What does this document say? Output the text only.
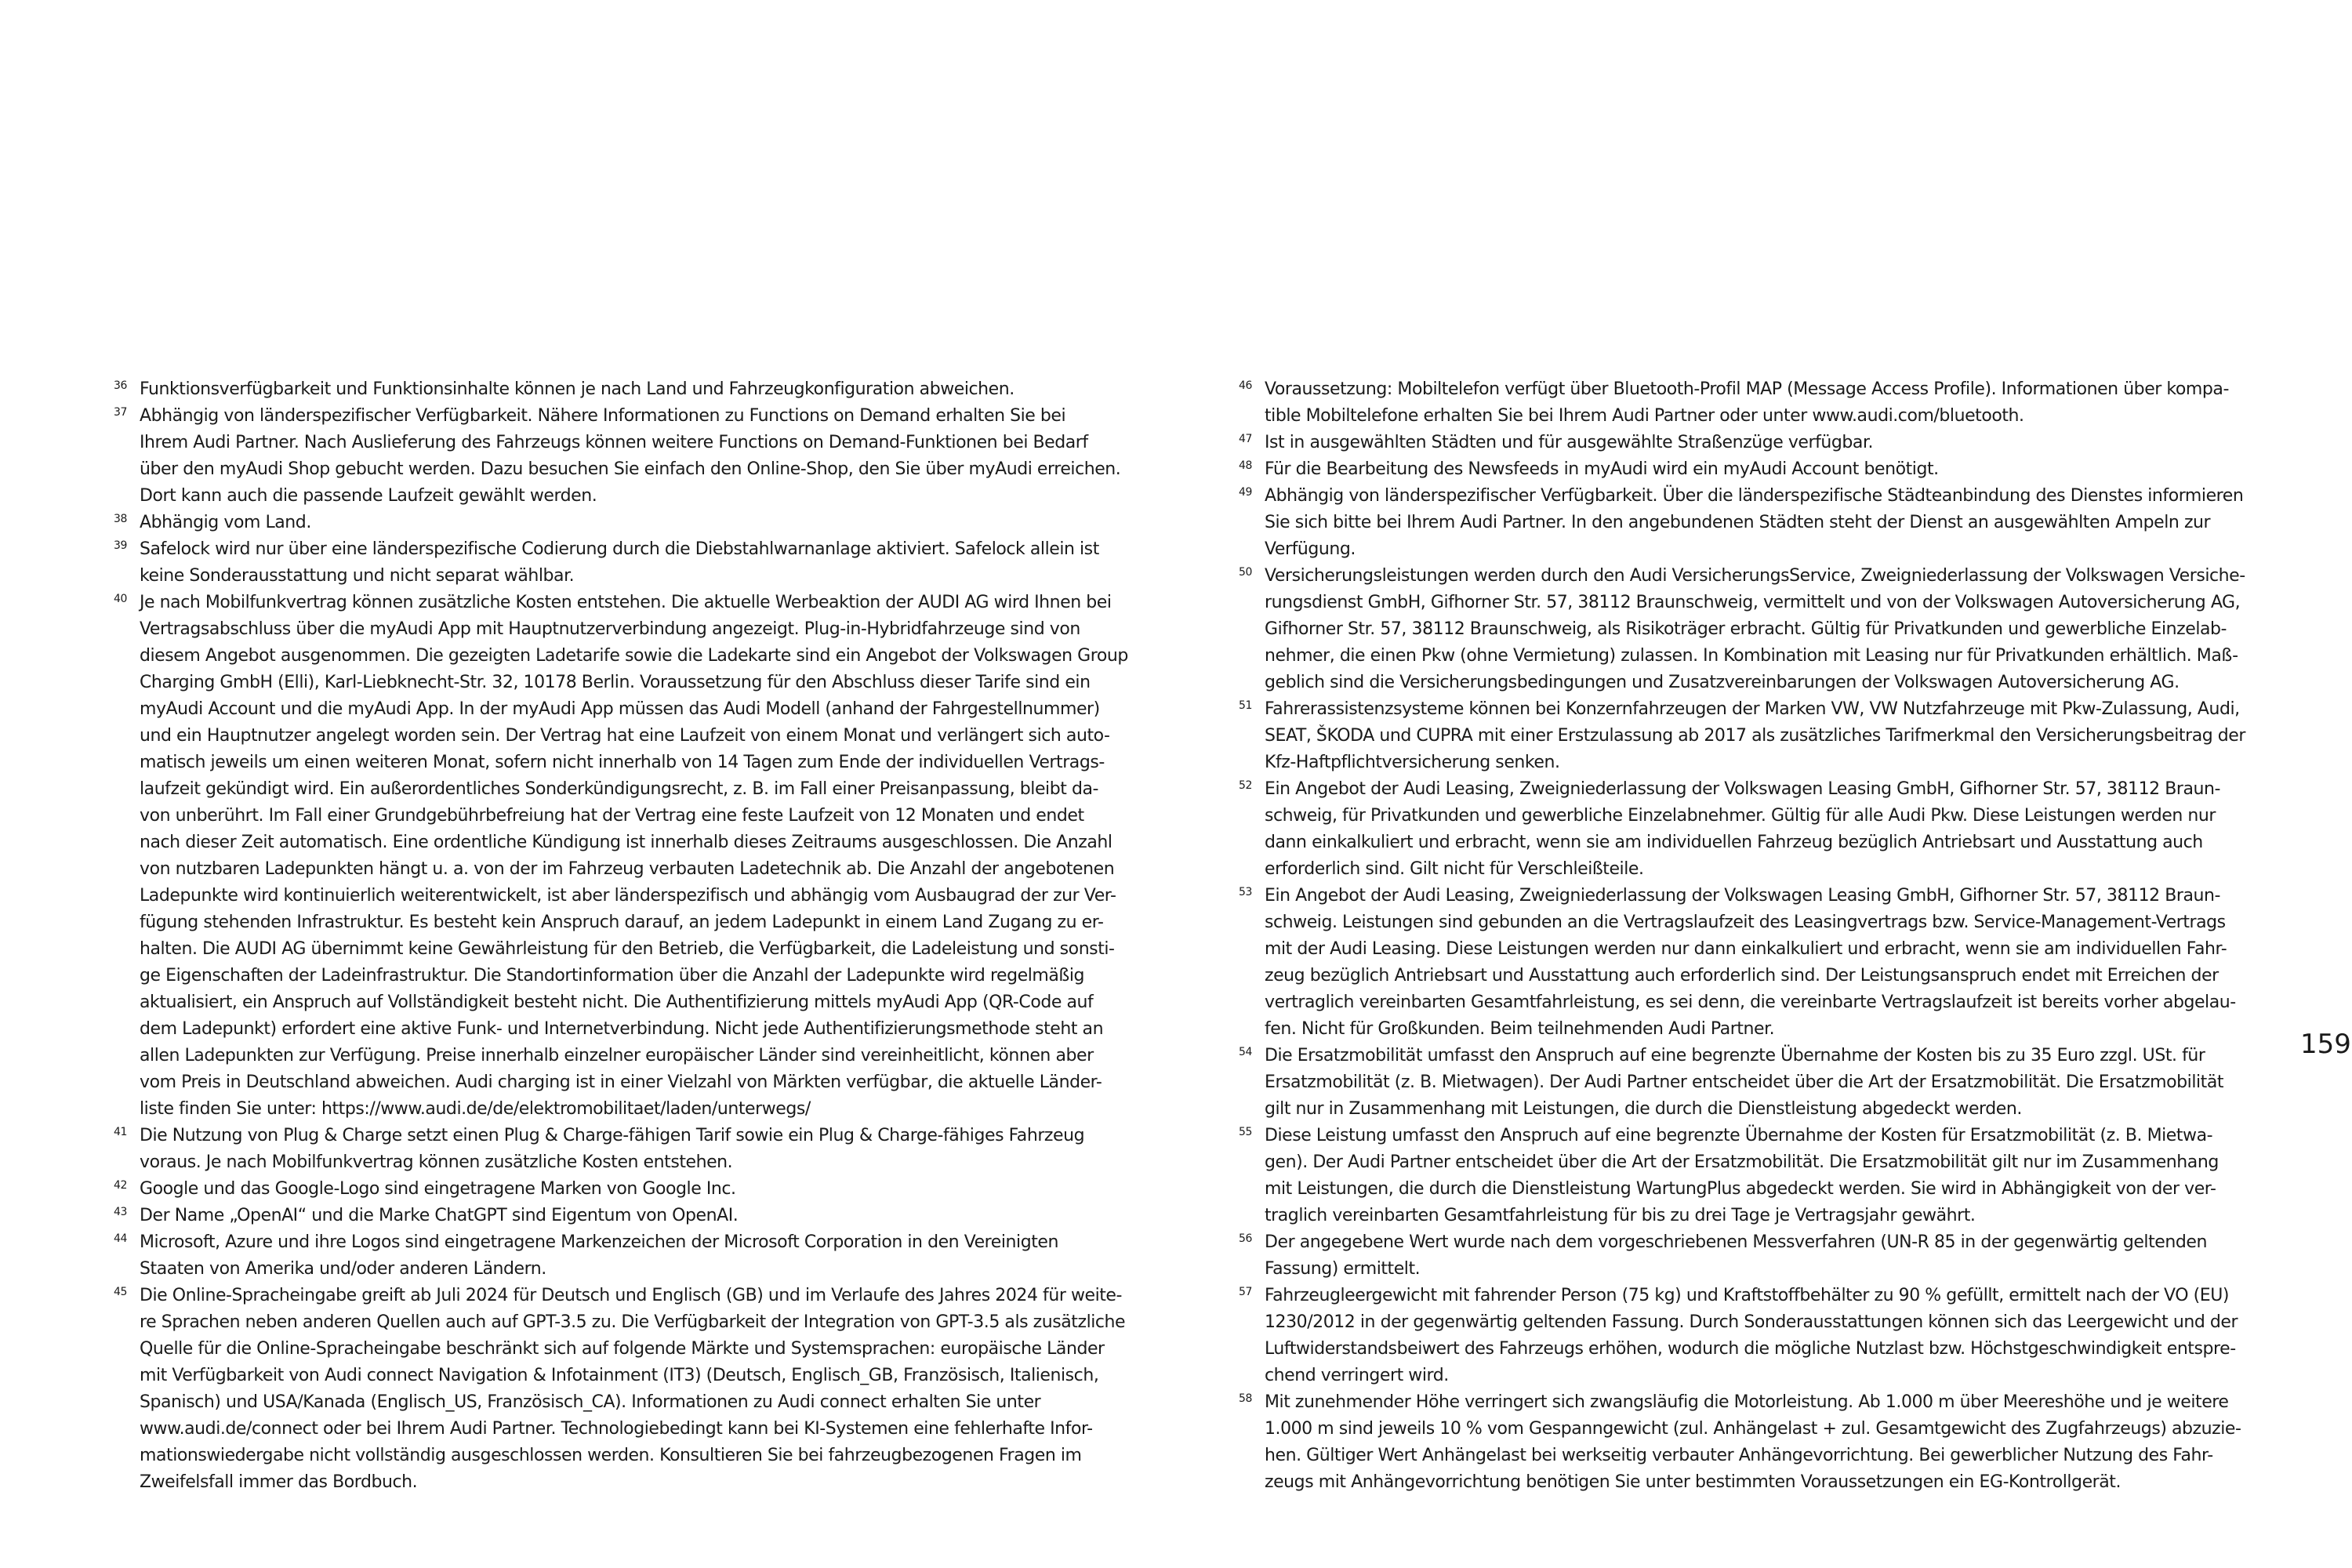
36 Funktionsverfügbarkeit und Funktionsinhalte können je nach Land und Fahrzeugkonfiguration abweichen.
37 Abhängig von länderspezifischer Verfügbarkeit. Nähere Informationen zu Functions on Demand erhalten Sie bei
Ihrem Audi Partner. Nach Auslieferung des Fahrzeugs können weitere Functions on Demand-Funktionen bei Bedarf
über den myAudi Shop gebucht werden. Dazu besuchen Sie einfach den Online-Shop, den Sie über myAudi erreichen.
Dort kann auch die passende Laufzeit gewählt werden.
38 Abhängig vom Land.
39 Safelock wird nur über eine länderspezifische Codierung durch die Diebstahlwarnanlage aktiviert. Safelock allein ist
keine Sonderausstattung und nicht separat wählbar.
40 Je nach Mobilfunkvertrag können zusätzliche Kosten entstehen. Die aktuelle Werbeaktion der AUDI AG wird Ihnen bei
Vertragsabschluss über die myAudi App mit Hauptnutzerverbindung angezeigt. Plug-in-Hybridfahrzeuge sind von
diesem Angebot ausgenommen. Die gezeigten Ladetarife sowie die Ladekarte sind ein Angebot der Volkswagen Group
Charging GmbH (Elli), Karl-Liebknecht-Str. 32, 10178 Berlin. Voraussetzung für den Abschluss dieser Tarife sind ein
myAudi Account und die myAudi App. In der myAudi App müssen das Audi Modell (anhand der Fahrgestellnummer)
und ein Hauptnutzer angelegt worden sein. Der Vertrag hat eine Laufzeit von einem Monat und verlängert sich auto-
matisch jeweils um einen weiteren Monat, sofern nicht innerhalb von 14 Tagen zum Ende der individuellen Vertrags-
laufzeit gekündigt wird. Ein außerordentliches Sonderkündigungsrecht, z. B. im Fall einer Preisanpassung, bleibt da-
von unberührt. Im Fall einer Grundgebührbefreiung hat der Vertrag eine feste Laufzeit von 12 Monaten und endet
nach dieser Zeit automatisch. Eine ordentliche Kündigung ist innerhalb dieses Zeitraums ausgeschlossen. Die Anzahl
von nutzbaren Ladepunkten hängt u. a. von der im Fahrzeug verbauten Ladetechnik ab. Die Anzahl der angebotenen
Ladepunkte wird kontinuierlich weiterentwickelt, ist aber länderspezifisch und abhängig vom Ausbaugrad der zur Ver-
fügung stehenden Infrastruktur. Es besteht kein Anspruch darauf, an jedem Ladepunkt in einem Land Zugang zu er-
halten. Die AUDI AG übernimmt keine Gewährleistung für den Betrieb, die Verfügbarkeit, die Ladeleistung und sonsti-
ge Eigenschaften der Ladeinfrastruktur. Die Standortinformation über die Anzahl der Ladepunkte wird regelmäßig
aktualisiert, ein Anspruch auf Vollständigkeit besteht nicht. Die Authentifizierung mittels myAudi App (QR-Code auf
dem Ladepunkt) erfordert eine aktive Funk- und Internetverbindung. Nicht jede Authentifizierungsmethode steht an
allen Ladepunkten zur Verfügung. Preise innerhalb einzelner europäischer Länder sind vereinheitlicht, können aber
vom Preis in Deutschland abweichen. Audi charging ist in einer Vielzahl von Märkten verfügbar, die aktuelle Länder-
liste finden Sie unter: https://www.audi.de/de/elektromobilitaet/laden/unterwegs/
41 Die Nutzung von Plug & Charge setzt einen Plug & Charge-fähigen Tarif sowie ein Plug & Charge-fähiges Fahrzeug
voraus. Je nach Mobilfunkvertrag können zusätzliche Kosten entstehen.
42 Google und das Google-Logo sind eingetragene Marken von Google Inc.
43 Der Name „OpenAI“ und die Marke ChatGPT sind Eigentum von OpenAI.
44 Microsoft, Azure und ihre Logos sind eingetragene Markenzeichen der Microsoft Corporation in den Vereinigten
Staaten von Amerika und/oder anderen Ländern.
45 Die Online-Spracheingabe greift ab Juli 2024 für Deutsch und Englisch (GB) und im Verlaufe des Jahres 2024 für weite-
re Sprachen neben anderen Quellen auch auf GPT-3.5 zu. Die Verfügbarkeit der Integration von GPT-3.5 als zusätzliche
Quelle für die Online-Spracheingabe beschränkt sich auf folgende Märkte und Systemsprachen: europäische Länder
mit Verfügbarkeit von Audi connect Navigation & Infotainment (IT3) (Deutsch, Englisch_GB, Französisch, Italienisch,
Spanisch) und USA/Kanada (Englisch_US, Französisch_CA). Informationen zu Audi connect erhalten Sie unter
www.audi.de/connect oder bei Ihrem Audi Partner. Technologiebedingt kann bei KI-Systemen eine fehlerhafte Infor-
mationswiedergabe nicht vollständig ausgeschlossen werden. Konsultieren Sie bei fahrzeugbezogenen Fragen im
Zweifelsfall immer das Bordbuch.
46 Voraussetzung: Mobiltelefon verfügt über Bluetooth-Profil MAP (Message Access Profile). Informationen über kompa-
tible Mobiltelefone erhalten Sie bei Ihrem Audi Partner oder unter www.audi.com/bluetooth.
47 Ist in ausgewählten Städten und für ausgewählte Straßenzüge verfügbar.
48 Für die Bearbeitung des Newsfeeds in myAudi wird ein myAudi Account benötigt.
49 Abhängig von länderspezifischer Verfügbarkeit. Über die länderspezifische Städteanbindung des Dienstes informieren
Sie sich bitte bei Ihrem Audi Partner. In den angebundenen Städten steht der Dienst an ausgewählten Ampeln zur
Verfügung.
50 Versicherungsleistungen werden durch den Audi VersicherungsService, Zweigniederlassung der Volkswagen Versiche-
rungsdienst GmbH, Gifhorner Str. 57, 38112 Braunschweig, vermittelt und von der Volkswagen Autoversicherung AG,
Gifhorner Str. 57, 38112 Braunschweig, als Risikoträger erbracht. Gültig für Privatkunden und gewerbliche Einzelab-
nehmer, die einen Pkw (ohne Vermietung) zulassen. In Kombination mit Leasing nur für Privatkunden erhältlich. Maß-
geblich sind die Versicherungsbedingungen und Zusatzvereinbarungen der Volkswagen Autoversicherung AG.
51 Fahrerassistenzsysteme können bei Konzernfahrzeugen der Marken VW, VW Nutzfahrzeuge mit Pkw-Zulassung, Audi,
SEAT, ŠKODA und CUPRA mit einer Erstzulassung ab 2017 als zusätzliches Tarifmerkmal den Versicherungsbeitrag der
Kfz-Haftpflichtversicherung senken.
52 Ein Angebot der Audi Leasing, Zweigniederlassung der Volkswagen Leasing GmbH, Gifhorner Str. 57, 38112 Braun-
schweig, für Privatkunden und gewerbliche Einzelabnehmer. Gültig für alle Audi Pkw. Diese Leistungen werden nur
dann einkalkuliert und erbracht, wenn sie am individuellen Fahrzeug bezüglich Antriebsart und Ausstattung auch
erforderlich sind. Gilt nicht für Verschleißteile.
53 Ein Angebot der Audi Leasing, Zweigniederlassung der Volkswagen Leasing GmbH, Gifhorner Str. 57, 38112 Braun-
schweig. Leistungen sind gebunden an die Vertragslaufzeit des Leasingvertrags bzw. Service-Management-Vertrags
mit der Audi Leasing. Diese Leistungen werden nur dann einkalkuliert und erbracht, wenn sie am individuellen Fahr-
zeug bezüglich Antriebsart und Ausstattung auch erforderlich sind. Der Leistungsanspruch endet mit Erreichen der
vertraglich vereinbarten Gesamtfahrleistung, es sei denn, die vereinbarte Vertragslaufzeit ist bereits vorher abgelau-
fen. Nicht für Großkunden. Beim teilnehmenden Audi Partner.
54 Die Ersatzmobilität umfasst den Anspruch auf eine begrenzte Übernahme der Kosten bis zu 35 Euro zzgl. USt. für
Ersatzmobilität (z. B. Mietwagen). Der Audi Partner entscheidet über die Art der Ersatzmobilität. Die Ersatzmobilität
gilt nur in Zusammenhang mit Leistungen, die durch die Dienstleistung abgedeckt werden.
55 Diese Leistung umfasst den Anspruch auf eine begrenzte Übernahme der Kosten für Ersatzmobilität (z. B. Mietwa-
gen). Der Audi Partner entscheidet über die Art der Ersatzmobilität. Die Ersatzmobilität gilt nur im Zusammenhang
mit Leistungen, die durch die Dienstleistung WartungPlus abgedeckt werden. Sie wird in Abhängigkeit von der ver-
traglich vereinbarten Gesamtfahrleistung für bis zu drei Tage je Vertragsjahr gewährt.
56 Der angegebene Wert wurde nach dem vorgeschriebenen Messverfahren (UN-R 85 in der gegenwärtig geltenden
Fassung) ermittelt.
57 Fahrzeugleergewicht mit fahrender Person (75 kg) und Kraftstoffbehälter zu 90 % gefüllt, ermittelt nach der VO (EU)
1230/2012 in der gegenwärtig geltenden Fassung. Durch Sonderausstattungen können sich das Leergewicht und der
Luftwiderstandsbeiwert des Fahrzeugs erhöhen, wodurch die mögliche Nutzlast bzw. Höchstgeschwindigkeit entspre-
chend verringert wird.
58 Mit zunehmender Höhe verringert sich zwangsläufig die Motorleistung. Ab 1.000 m über Meereshöhe und je weitere
1.000 m sind jeweils 10 % vom Gespanngewicht (zul. Anhängelast + zul. Gesamtgewicht des Zugfahrzeugs) abzuzie-
hen. Gültiger Wert Anhängelast bei werkseitig verbauter Anhängevorrichtung. Bei gewerblicher Nutzung des Fahr-
zeugs mit Anhängevorrichtung benötigen Sie unter bestimmten Voraussetzungen ein EG-Kontrollgerät.
159
